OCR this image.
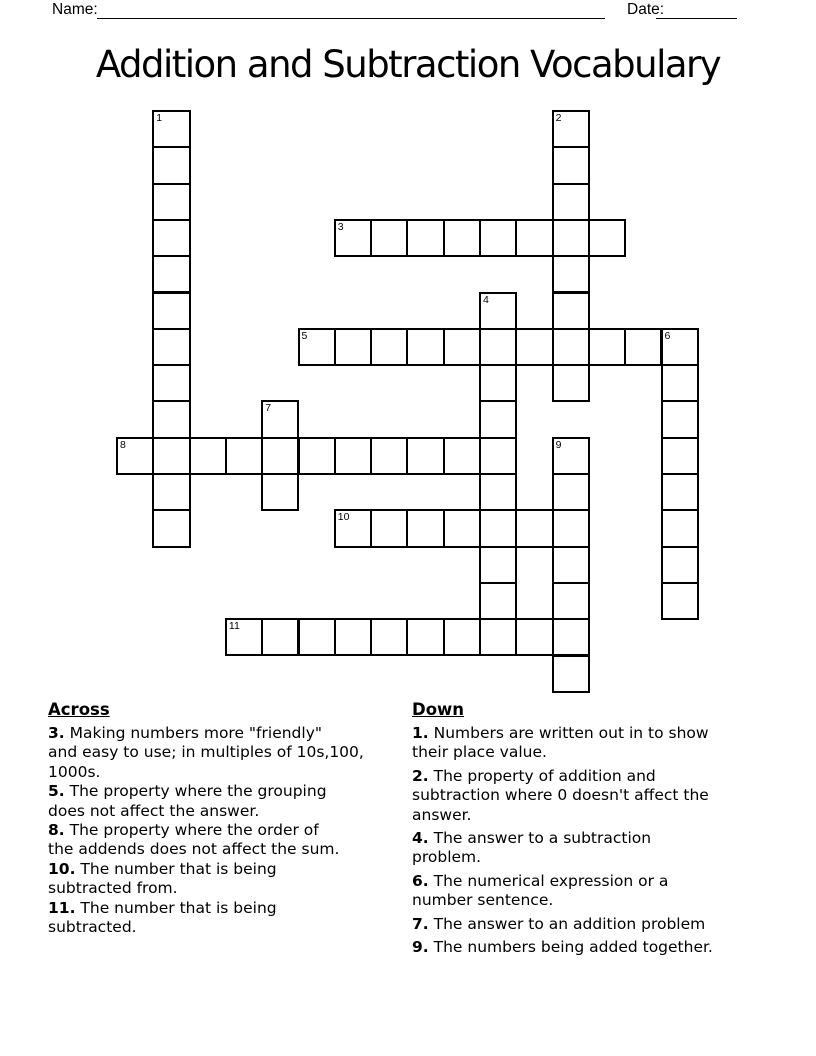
Name:	Date:
Addition and Subtraction Vocabulary
1	2
3
4
5	6
7
8	9
10
11
Across
3. Making numbers more "friendly"
and easy to use; in multiples of 10s,100,
1000s.
5. The property where the grouping
does not affect the answer.
8. The property where the order of
the addends does not affect the sum.
10. The number that is being
subtracted from.
11. The number that is being
subtracted.
Down
1. Numbers are written out in to show
their place value.
2. The property of addition and
subtraction where 0 doesn't affect the
answer.
4. The answer to a subtraction
problem.
6. The numerical expression or a
number sentence.
7. The answer to an addition problem
9. The numbers being added together.
